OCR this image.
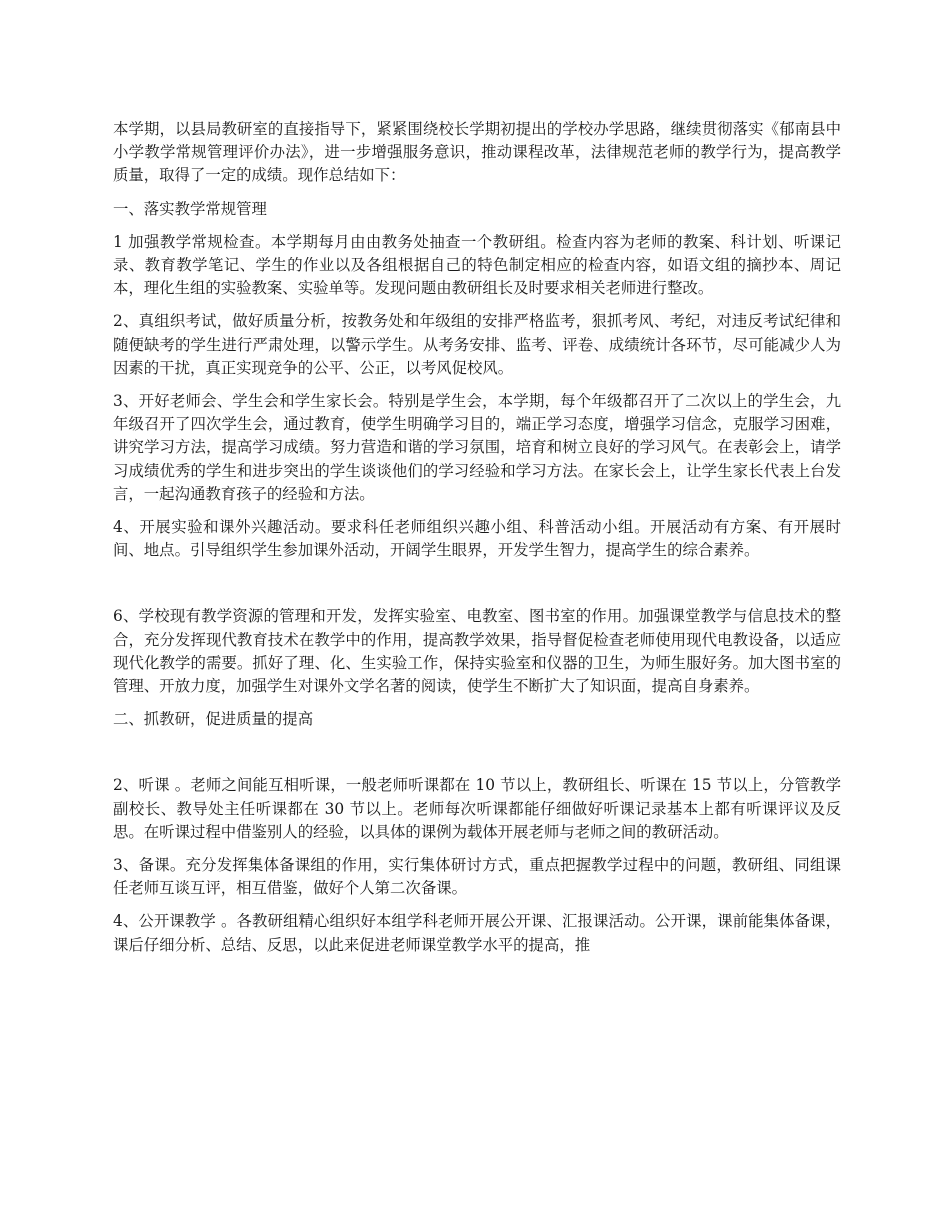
本学期，以县局教研室的直接指导下，紧紧围绕校长学期初提出的学校办学思路，继续贯彻落实《郁南县中小学教学常规管理评价办法》，进一步增强服务意识，推动课程改革，法律规范老师的教学行为，提高教学质量，取得了一定的成绩。现作总结如下：

一、落实教学常规管理

1 加强教学常规检查。本学期每月由由教务处抽查一个教研组。检查内容为老师的教案、科计划、听课记录、教育教学笔记、学生的作业以及各组根据自己的特色制定相应的检查内容，如语文组的摘抄本、周记本，理化生组的实验教案、实验单等。发现问题由教研组长及时要求相关老师进行整改。

2、真组织考试，做好质量分析，按教务处和年级组的安排严格监考，狠抓考风、考纪，对违反考试纪律和随便缺考的学生进行严肃处理，以警示学生。从考务安排、监考、评卷、成绩统计各环节，尽可能减少人为因素的干扰，真正实现竞争的公平、公正，以考风促校风。

3、开好老师会、学生会和学生家长会。特别是学生会，本学期，每个年级都召开了二次以上的学生会，九年级召开了四次学生会，通过教育，使学生明确学习目的，端正学习态度，增强学习信念，克服学习困难，讲究学习方法，提高学习成绩。努力营造和谐的学习氛围，培育和树立良好的学习风气。在表彰会上，请学习成绩优秀的学生和进步突出的学生谈谈他们的学习经验和学习方法。在家长会上，让学生家长代表上台发言，一起沟通教育孩子的经验和方法。

4、开展实验和课外兴趣活动。要求科任老师组织兴趣小组、科普活动小组。开展活动有方案、有开展时间、地点。引导组织学生参加课外活动，开阔学生眼界，开发学生智力，提高学生的综合素养。

6、学校现有教学资源的管理和开发，发挥实验室、电教室、图书室的作用。加强课堂教学与信息技术的整合，充分发挥现代教育技术在教学中的作用，提高教学效果，指导督促检查老师使用现代电教设备，以适应现代化教学的需要。抓好了理、化、生实验工作，保持实验室和仪器的卫生，为师生服好务。加大图书室的管理、开放力度，加强学生对课外文学名著的阅读，使学生不断扩大了知识面，提高自身素养。

二、抓教研，促进质量的提高

2、听课 。老师之间能互相听课，一般老师听课都在 10 节以上，教研组长、听课在 15 节以上，分管教学副校长、教导处主任听课都在 30 节以上。老师每次听课都能仔细做好听课记录基本上都有听课评议及反思。在听课过程中借鉴别人的经验，以具体的课例为载体开展老师与老师之间的教研活动。

3、备课。充分发挥集体备课组的作用，实行集体研讨方式，重点把握教学过程中的问题，教研组、同组课任老师互谈互评，相互借鉴，做好个人第二次备课。

4、公开课教学 。各教研组精心组织好本组学科老师开展公开课、汇报课活动。公开课，课前能集体备课，课后仔细分析、总结、反思，以此来促进老师课堂教学水平的提高，推
